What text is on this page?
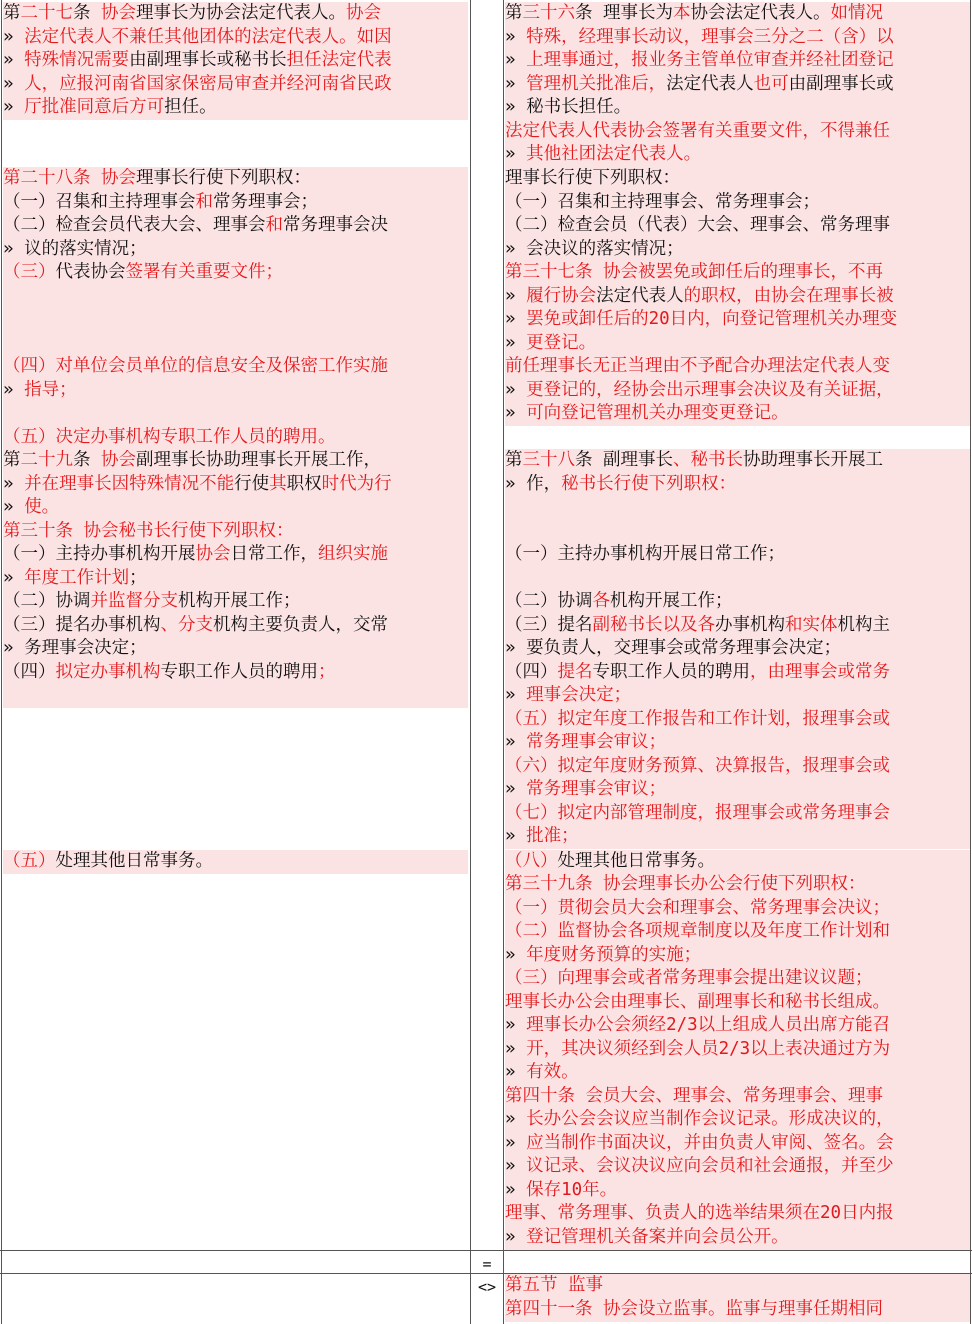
第二十七条 协会理事长为协会法定代表人。协会
» 法定代表人不兼任其他团体的法定代表人。如因
» 特殊情况需要由副理事长或秘书长担任法定代表
» 人，应报河南省国家保密局审查并经河南省民政
» 厅批准同意后方可担任。
第二十八条 协会理事长行使下列职权：
（一）召集和主持理事会和常务理事会；
（二）检查会员代表大会、理事会和常务理事会决
» 议的落实情况；
（三）代表协会签署有关重要文件；
（四）对单位会员单位的信息安全及保密工作实施
» 指导；
（五）决定办事机构专职工作人员的聘用。
第二十九条 协会副理事长协助理事长开展工作，
» 并在理事长因特殊情况不能行使其职权时代为行
» 使。
第三十条 协会秘书长行使下列职权：
（一）主持办事机构开展协会日常工作，组织实施
» 年度工作计划；
（二）协调并监督分支机构开展工作；
（三）提名办事机构、分支机构主要负责人，交常
» 务理事会决定；
（四）拟定办事机构专职工作人员的聘用；
（五）处理其他日常事务。
=
<>
第三十六条 理事长为本协会法定代表人。如情况
» 特殊，经理事长动议，理事会三分之二（含）以
» 上理事通过，报业务主管单位审查并经社团登记
» 管理机关批准后，法定代表人也可由副理事长或
» 秘书长担任。
法定代表人代表协会签署有关重要文件，不得兼任
» 其他社团法定代表人。
理事长行使下列职权：
（一）召集和主持理事会、常务理事会；
（二）检查会员（代表）大会、理事会、常务理事
» 会决议的落实情况；
第三十七条 协会被罢免或卸任后的理事长，不再
» 履行协会法定代表人的职权，由协会在理事长被
» 罢免或卸任后的20日内，向登记管理机关办理变
» 更登记。
前任理事长无正当理由不予配合办理法定代表人变
» 更登记的，经协会出示理事会决议及有关证据，
» 可向登记管理机关办理变更登记。
第三十八条 副理事长、秘书长协助理事长开展工
» 作，秘书长行使下列职权：
（一）主持办事机构开展日常工作；
（二）协调各机构开展工作；
（三）提名副秘书长以及各办事机构和实体机构主
» 要负责人，交理事会或常务理事会决定；
（四）提名专职工作人员的聘用，由理事会或常务
» 理事会决定；
（五）拟定年度工作报告和工作计划，报理事会或
» 常务理事会审议；
（六）拟定年度财务预算、决算报告，报理事会或
» 常务理事会审议；
（七）拟定内部管理制度，报理事会或常务理事会
» 批准；
（八）处理其他日常事务。
第三十九条 协会理事长办公会行使下列职权：
（一）贯彻会员大会和理事会、常务理事会决议；
（二）监督协会各项规章制度以及年度工作计划和
» 年度财务预算的实施；
（三）向理事会或者常务理事会提出建议议题；
理事长办公会由理事长、副理事长和秘书长组成。
» 理事长办公会须经2/3以上组成人员出席方能召
» 开，其决议须经到会人员2/3以上表决通过方为
» 有效。
第四十条 会员大会、理事会、常务理事会、理事
» 长办公会会议应当制作会议记录。形成决议的，
» 应当制作书面决议，并由负责人审阅、签名。会
» 议记录、会议决议应向会员和社会通报，并至少
» 保存10年。
理事、常务理事、负责人的选举结果须在20日内报
» 登记管理机关备案并向会员公开。
第五节 监事
第四十一条 协会设立监事。监事与理事任期相同
